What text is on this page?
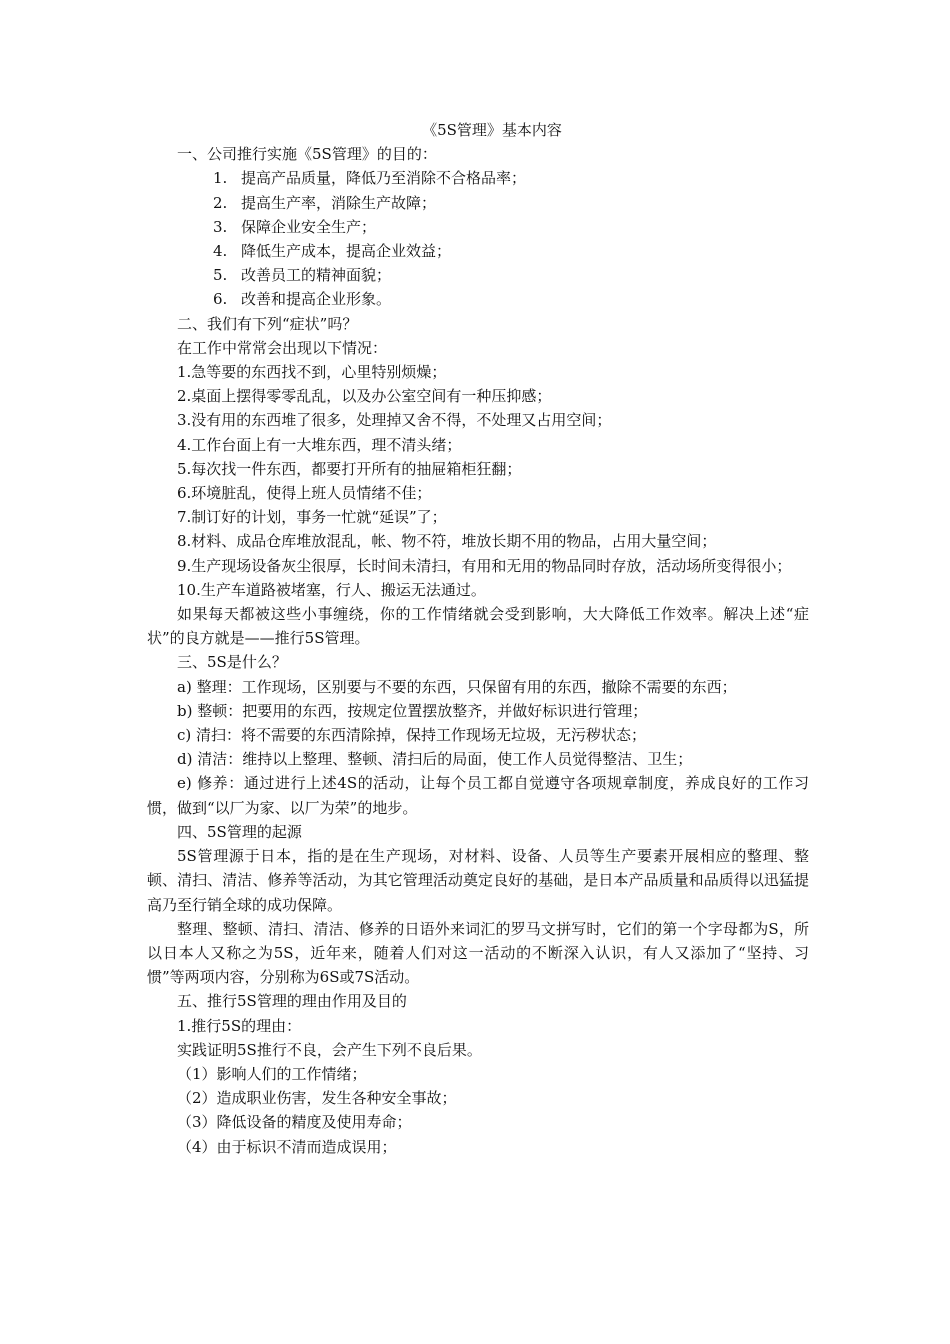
《5S管理》基本内容

一、公司推行实施《5S管理》的目的：

1. 提高产品质量，降低乃至消除不合格品率；

2. 提高生产率，消除生产故障；

3. 保障企业安全生产；

4. 降低生产成本，提高企业效益；

5. 改善员工的精神面貌；

6. 改善和提高企业形象。

二、我们有下列“症状”吗？

在工作中常常会出现以下情况：

1.急等要的东西找不到，心里特别烦燥；

2.桌面上摆得零零乱乱，以及办公室空间有一种压抑感；

3.没有用的东西堆了很多，处理掉又舍不得，不处理又占用空间；

4.工作台面上有一大堆东西，理不清头绪；

5.每次找一件东西，都要打开所有的抽屉箱柜狂翻；

6.环境脏乱，使得上班人员情绪不佳；

7.制订好的计划，事务一忙就“延误”了；

8.材料、成品仓库堆放混乱，帐、物不符，堆放长期不用的物品，占用大量空间；

9.生产现场设备灰尘很厚，长时间未清扫，有用和无用的物品同时存放，活动场所变得很小；

10.生产车道路被堵塞，行人、搬运无法通过。

如果每天都被这些小事缠绕，你的工作情绪就会受到影响，大大降低工作效率。解决上述“症状”的良方就是——推行5S管理。

三、5S是什么？

a) 整理：工作现场，区别要与不要的东西，只保留有用的东西，撤除不需要的东西；

b) 整顿：把要用的东西，按规定位置摆放整齐，并做好标识进行管理；

c) 清扫：将不需要的东西清除掉，保持工作现场无垃圾，无污秽状态；

d) 清洁：维持以上整理、整顿、清扫后的局面，使工作人员觉得整洁、卫生；

e) 修养：通过进行上述4S的活动，让每个员工都自觉遵守各项规章制度，养成良好的工作习惯，做到“以厂为家、以厂为荣”的地步。

四、5S管理的起源

5S管理源于日本，指的是在生产现场，对材料、设备、人员等生产要素开展相应的整理、整顿、清扫、清洁、修养等活动，为其它管理活动奠定良好的基础，是日本产品质量和品质得以迅猛提高乃至行销全球的成功保障。

整理、整顿、清扫、清洁、修养的日语外来词汇的罗马文拼写时，它们的第一个字母都为S，所以日本人又称之为5S，近年来，随着人们对这一活动的不断深入认识，有人又添加了“坚持、习惯”等两项内容，分别称为6S或7S活动。

五、推行5S管理的理由作用及目的

1.推行5S的理由：

实践证明5S推行不良，会产生下列不良后果。

（1）影响人们的工作情绪；

（2）造成职业伤害，发生各种安全事故；

（3）降低设备的精度及使用寿命；

（4）由于标识不清而造成误用；
